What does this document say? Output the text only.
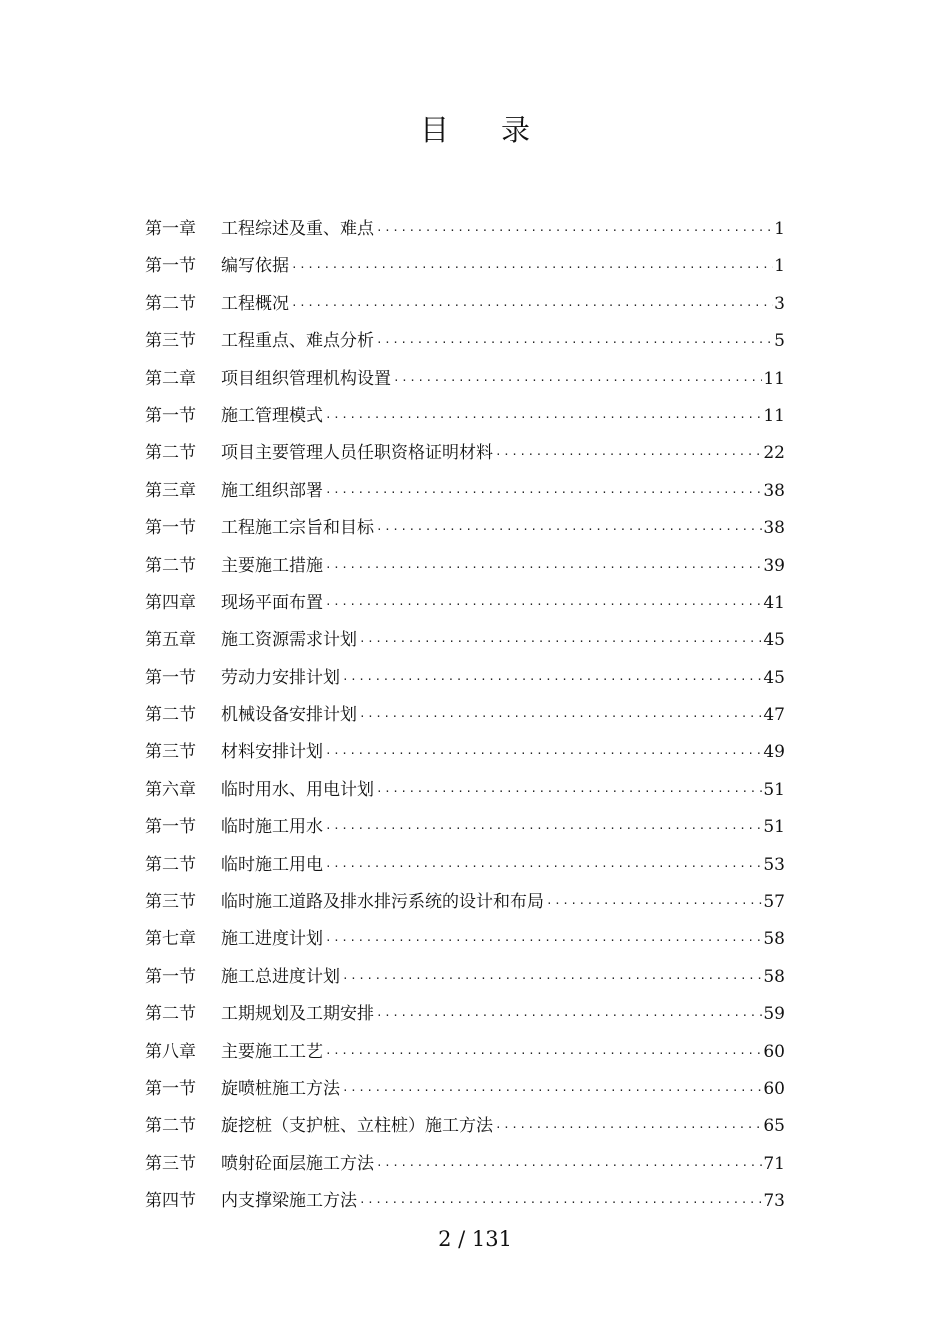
目 录
第一章	工程综述及重、难点 ·····	1
第一节	编写依据 ·····	1
第二节	工程概况 ·····	3
第三节	工程重点、难点分析 ·····	5
第二章	项目组织管理机构设置 ·····	11
第一节	施工管理模式 ·····	11
第二节	项目主要管理人员任职资格证明材料 ·····	22
第三章	施工组织部署 ·····	38
第一节	工程施工宗旨和目标 ·····	38
第二节	主要施工措施 ·····	39
第四章	现场平面布置 ·····	41
第五章	施工资源需求计划 ·····	45
第一节	劳动力安排计划 ·····	45
第二节	机械设备安排计划 ·····	47
第三节	材料安排计划 ·····	49
第六章	临时用水、用电计划 ·····	51
第一节	临时施工用水 ·····	51
第二节	临时施工用电 ·····	53
第三节	临时施工道路及排水排污系统的设计和布局 ·····	57
第七章	施工进度计划 ·····	58
第一节	施工总进度计划 ·····	58
第二节	工期规划及工期安排 ·····	59
第八章	主要施工工艺 ·····	60
第一节	旋喷桩施工方法 ·····	60
第二节	旋挖桩（支护桩、立柱桩）施工方法 ·····	65
第三节	喷射砼面层施工方法 ·····	71
第四节	内支撑梁施工方法 ·····	73
2 / 131
